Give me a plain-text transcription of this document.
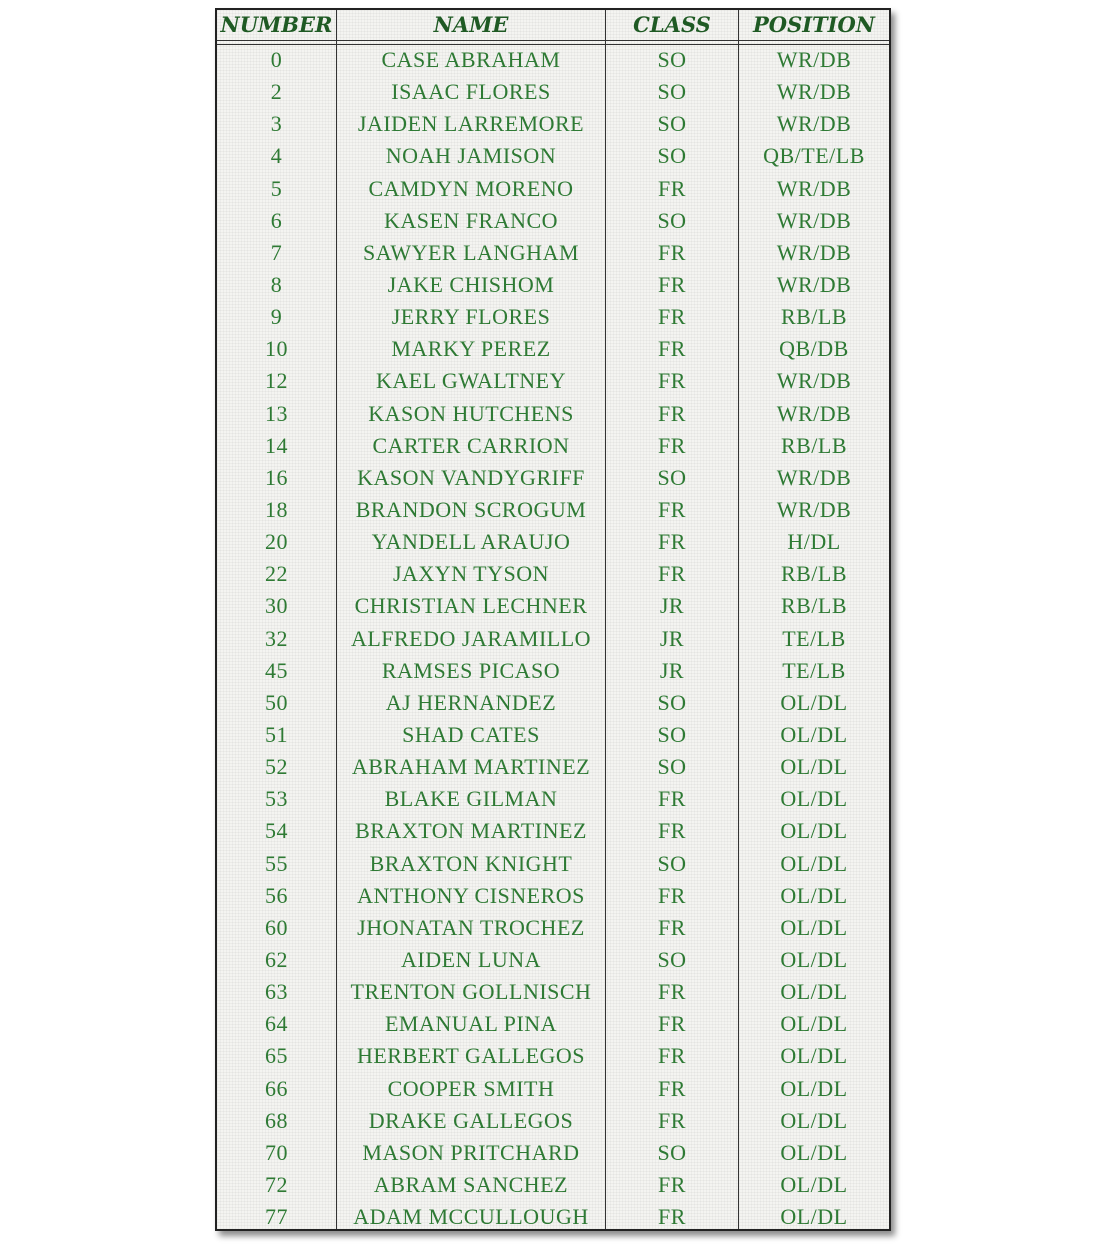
NUMBER	NAME	CLASS	POSITION
0	CASE ABRAHAM	SO	WR/DB
2	ISAAC FLORES	SO	WR/DB
3	JAIDEN LARREMORE	SO	WR/DB
4	NOAH JAMISON	SO	QB/TE/LB
5	CAMDYN MORENO	FR	WR/DB
6	KASEN FRANCO	SO	WR/DB
7	SAWYER LANGHAM	FR	WR/DB
8	JAKE CHISHOM	FR	WR/DB
9	JERRY FLORES	FR	RB/LB
10	MARKY PEREZ	FR	QB/DB
12	KAEL GWALTNEY	FR	WR/DB
13	KASON HUTCHENS	FR	WR/DB
14	CARTER CARRION	FR	RB/LB
16	KASON VANDYGRIFF	SO	WR/DB
18	BRANDON SCROGUM	FR	WR/DB
20	YANDELL ARAUJO	FR	H/DL
22	JAXYN TYSON	FR	RB/LB
30	CHRISTIAN LECHNER	JR	RB/LB
32	ALFREDO JARAMILLO	JR	TE/LB
45	RAMSES PICASO	JR	TE/LB
50	AJ HERNANDEZ	SO	OL/DL
51	SHAD CATES	SO	OL/DL
52	ABRAHAM MARTINEZ	SO	OL/DL
53	BLAKE GILMAN	FR	OL/DL
54	BRAXTON MARTINEZ	FR	OL/DL
55	BRAXTON KNIGHT	SO	OL/DL
56	ANTHONY CISNEROS	FR	OL/DL
60	JHONATAN TROCHEZ	FR	OL/DL
62	AIDEN LUNA	SO	OL/DL
63	TRENTON GOLLNISCH	FR	OL/DL
64	EMANUAL PINA	FR	OL/DL
65	HERBERT GALLEGOS	FR	OL/DL
66	COOPER SMITH	FR	OL/DL
68	DRAKE GALLEGOS	FR	OL/DL
70	MASON PRITCHARD	SO	OL/DL
72	ABRAM SANCHEZ	FR	OL/DL
77	ADAM MCCULLOUGH	FR	OL/DL
